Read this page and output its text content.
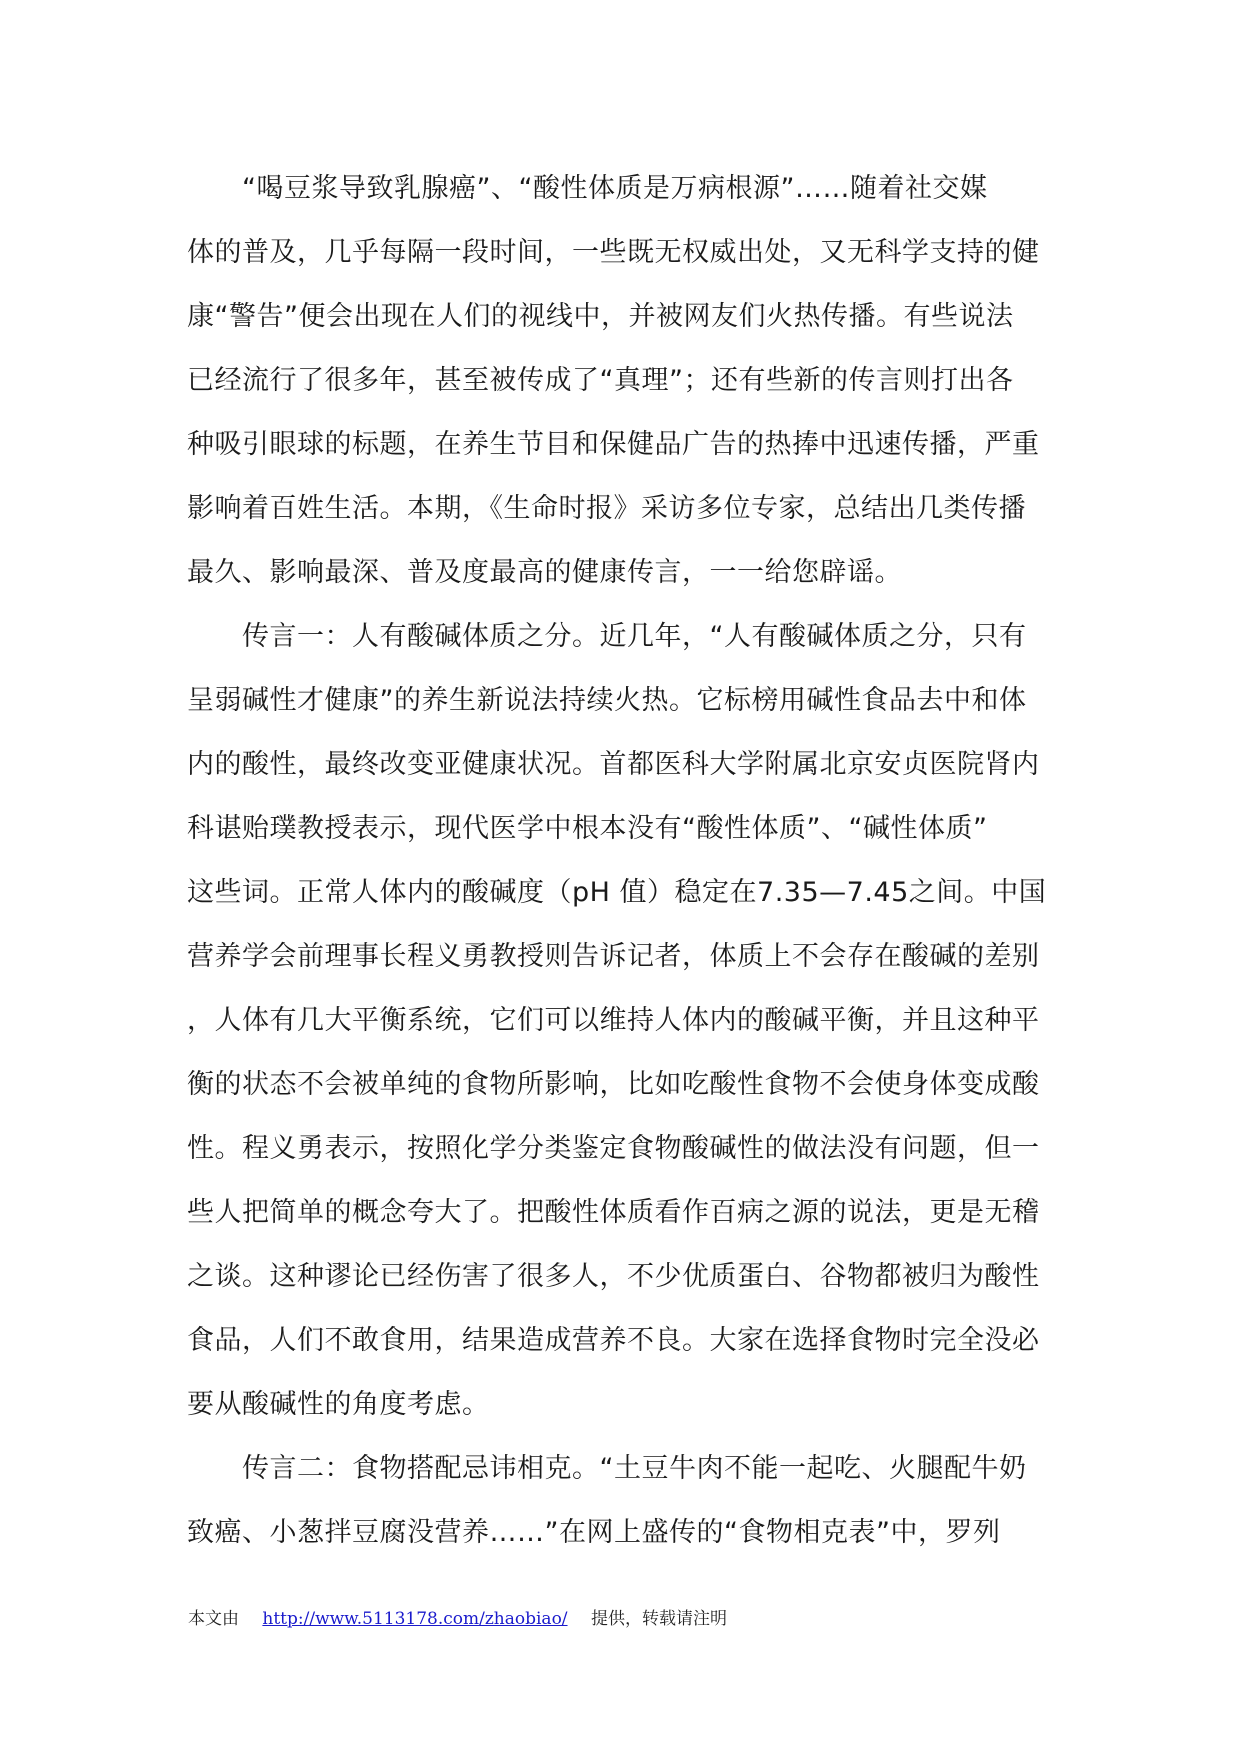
　　“喝豆浆导致乳腺癌”、“酸性体质是万病根源”……随着社交媒
体的普及，几乎每隔一段时间，一些既无权威出处，又无科学支持的健
康“警告”便会出现在人们的视线中，并被网友们火热传播。有些说法
已经流行了很多年，甚至被传成了“真理”；还有些新的传言则打出各
种吸引眼球的标题，在养生节目和保健品广告的热捧中迅速传播，严重
影响着百姓生活。本期，《生命时报》采访多位专家，总结出几类传播
最久、影响最深、普及度最高的健康传言，一一给您辟谣。
　　传言一：人有酸碱体质之分。近几年，“人有酸碱体质之分，只有
呈弱碱性才健康”的养生新说法持续火热。它标榜用碱性食品去中和体
内的酸性，最终改变亚健康状况。首都医科大学附属北京安贞医院肾内
科谌贻璞教授表示，现代医学中根本没有“酸性体质”、“碱性体质”
这些词。正常人体内的酸碱度（pH 值）稳定在7.35—7.45之间。中国
营养学会前理事长程义勇教授则告诉记者，体质上不会存在酸碱的差别
，人体有几大平衡系统，它们可以维持人体内的酸碱平衡，并且这种平
衡的状态不会被单纯的食物所影响，比如吃酸性食物不会使身体变成酸
性。程义勇表示，按照化学分类鉴定食物酸碱性的做法没有问题，但一
些人把简单的概念夸大了。把酸性体质看作百病之源的说法，更是无稽
之谈。这种谬论已经伤害了很多人，不少优质蛋白、谷物都被归为酸性
食品，人们不敢食用，结果造成营养不良。大家在选择食物时完全没必
要从酸碱性的角度考虑。
　　传言二：食物搭配忌讳相克。“土豆牛肉不能一起吃、火腿配牛奶
致癌、小葱拌豆腐没营养……”在网上盛传的“食物相克表”中，罗列
本文由 http://www.5113178.com/zhaobiao/ 提供，转载请注明
